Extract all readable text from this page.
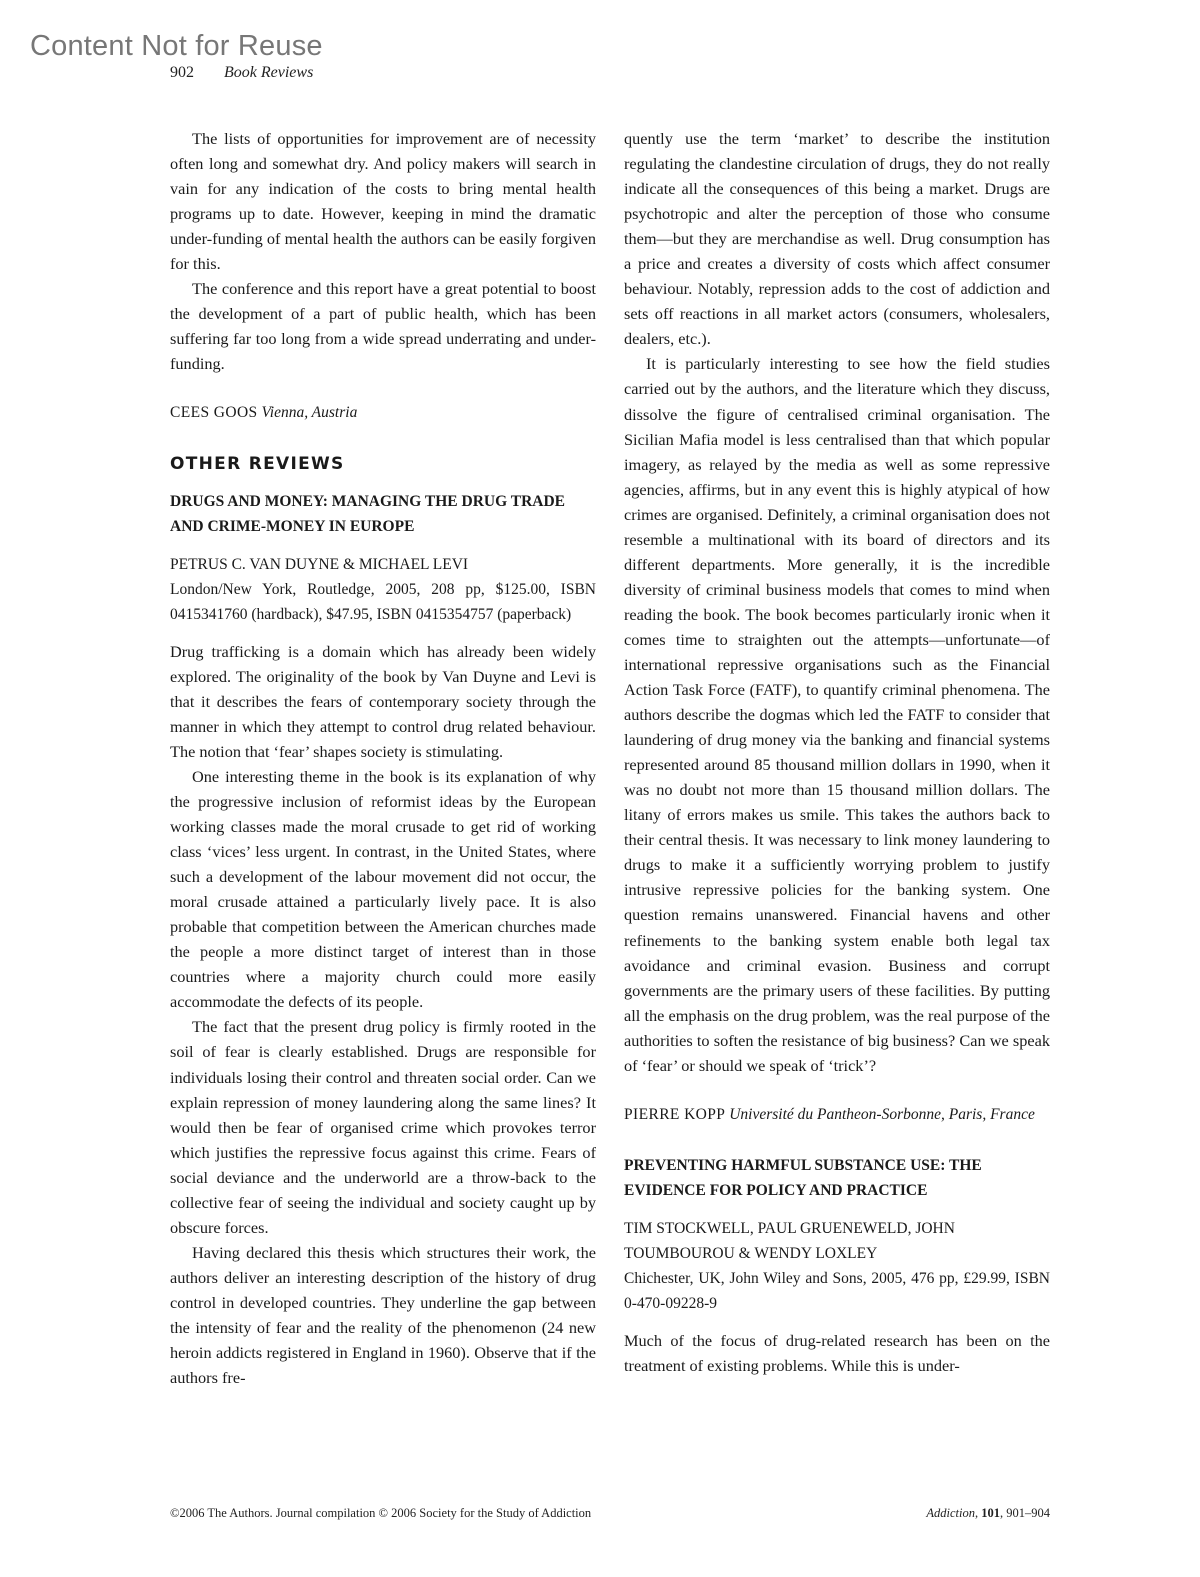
Content Not for Reuse
902 Book Reviews

The lists of opportunities for improvement are of necessity often long and somewhat dry. And policy makers will search in vain for any indication of the costs to bring mental health programs up to date. However, keeping in mind the dramatic under-funding of mental health the authors can be easily forgiven for this.

The conference and this report have a great potential to boost the development of a part of public health, which has been suffering far too long from a wide spread underrating and under-funding.

CEES GOOS Vienna, Austria
OTHER REVIEWS
DRUGS AND MONEY: MANAGING THE DRUG TRADE AND CRIME-MONEY IN EUROPE
PETRUS C. VAN DUYNE & MICHAEL LEVI
London/New York, Routledge, 2005, 208 pp, $125.00, ISBN 0415341760 (hardback), $47.95, ISBN 0415354757 (paperback)

Drug trafficking is a domain which has already been widely explored. The originality of the book by Van Duyne and Levi is that it describes the fears of contemporary society through the manner in which they attempt to control drug related behaviour. The notion that ‘fear’ shapes society is stimulating.

One interesting theme in the book is its explanation of why the progressive inclusion of reformist ideas by the European working classes made the moral crusade to get rid of working class ‘vices’ less urgent. In contrast, in the United States, where such a development of the labour movement did not occur, the moral crusade attained a particularly lively pace. It is also probable that competition between the American churches made the people a more distinct target of interest than in those countries where a majority church could more easily accommodate the defects of its people.

The fact that the present drug policy is firmly rooted in the soil of fear is clearly established. Drugs are responsible for individuals losing their control and threaten social order. Can we explain repression of money laundering along the same lines? It would then be fear of organised crime which provokes terror which justifies the repressive focus against this crime. Fears of social deviance and the underworld are a throw-back to the collective fear of seeing the individual and society caught up by obscure forces.

Having declared this thesis which structures their work, the authors deliver an interesting description of the history of drug control in developed countries. They underline the gap between the intensity of fear and the reality of the phenomenon (24 new heroin addicts registered in England in 1960). Observe that if the authors fre-

quently use the term ‘market’ to describe the institution regulating the clandestine circulation of drugs, they do not really indicate all the consequences of this being a market. Drugs are psychotropic and alter the perception of those who consume them—but they are merchandise as well. Drug consumption has a price and creates a diversity of costs which affect consumer behaviour. Notably, repression adds to the cost of addiction and sets off reactions in all market actors (consumers, wholesalers, dealers, etc.).

It is particularly interesting to see how the field studies carried out by the authors, and the literature which they discuss, dissolve the figure of centralised criminal organisation. The Sicilian Mafia model is less centralised than that which popular imagery, as relayed by the media as well as some repressive agencies, affirms, but in any event this is highly atypical of how crimes are organised. Definitely, a criminal organisation does not resemble a multinational with its board of directors and its different departments. More generally, it is the incredible diversity of criminal business models that comes to mind when reading the book. The book becomes particularly ironic when it comes time to straighten out the attempts—unfortunate—of international repressive organisations such as the Financial Action Task Force (FATF), to quantify criminal phenomena. The authors describe the dogmas which led the FATF to consider that laundering of drug money via the banking and financial systems represented around 85 thousand million dollars in 1990, when it was no doubt not more than 15 thousand million dollars. The litany of errors makes us smile. This takes the authors back to their central thesis. It was necessary to link money laundering to drugs to make it a sufficiently worrying problem to justify intrusive repressive policies for the banking system. One question remains unanswered. Financial havens and other refinements to the banking system enable both legal tax avoidance and criminal evasion. Business and corrupt governments are the primary users of these facilities. By putting all the emphasis on the drug problem, was the real purpose of the authorities to soften the resistance of big business? Can we speak of ‘fear’ or should we speak of ‘trick’?

PIERRE KOPP Université du Pantheon-Sorbonne, Paris, France
PREVENTING HARMFUL SUBSTANCE USE: THE EVIDENCE FOR POLICY AND PRACTICE
TIM STOCKWELL, PAUL GRUENEWELD, JOHN TOUMBOUROU & WENDY LOXLEY
Chichester, UK, John Wiley and Sons, 2005, 476 pp, £29.99, ISBN 0-470-09228-9

Much of the focus of drug-related research has been on the treatment of existing problems. While this is under-

©2006 The Authors. Journal compilation © 2006 Society for the Study of Addiction	Addiction, 101, 901–904
